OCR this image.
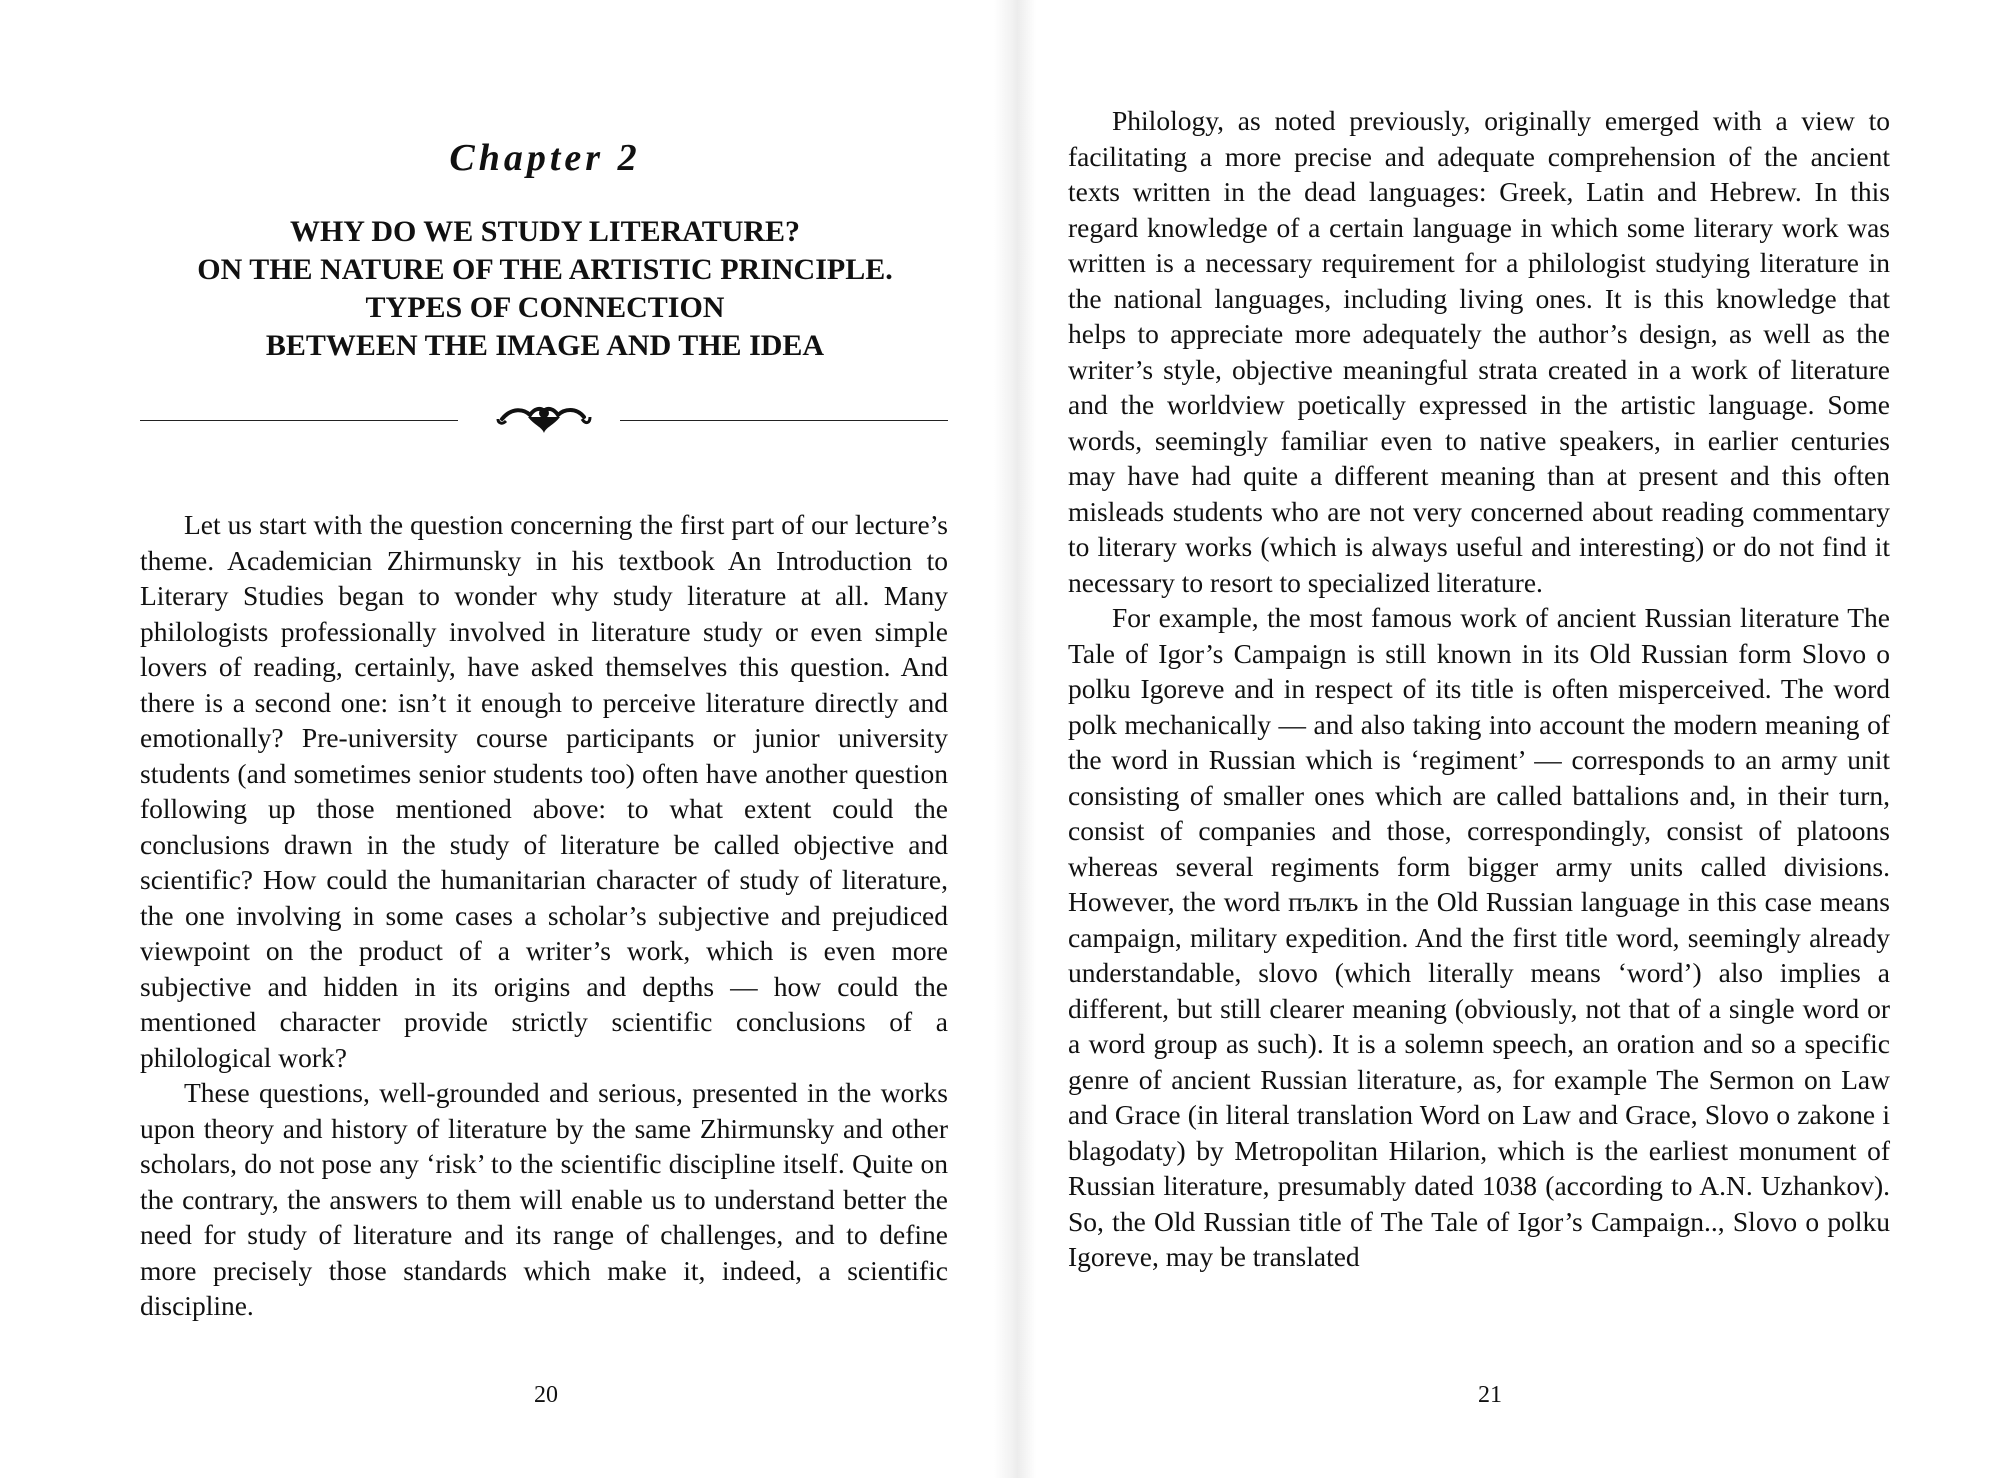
Chapter 2
WHY DO WE STUDY LITERATURE?
ON THE NATURE OF THE ARTISTIC PRINCIPLE.
TYPES OF CONNECTION
BETWEEN THE IMAGE AND THE IDEA

Let us start with the question concerning the first part of our lecture’s theme. Academician Zhirmunsky in his textbook An Introduction to Literary Studies began to wonder why study literature at all. Many philologists professionally involved in literature study or even simple lovers of reading, certainly, have asked themselves this question. And there is a second one: isn’t it enough to perceive literature directly and emotionally? Pre-university course participants or junior university students (and sometimes senior students too) often have another question following up those mentioned above: to what extent could the conclusions drawn in the study of literature be called objective and scientific? How could the humanitarian character of study of literature, the one involving in some cases a scholar’s subjective and prejudiced viewpoint on the product of a writer’s work, which is even more subjective and hidden in its origins and depths — how could the mentioned character provide strictly scientific conclusions of a philological work?

These questions, well-grounded and serious, presented in the works upon theory and history of literature by the same Zhirmunsky and other scholars, do not pose any ‘risk’ to the scientific discipline itself. Quite on the contrary, the answers to them will enable us to understand better the need for study of literature and its range of challenges, and to define more precisely those standards which make it, indeed, a scientific discipline.

Philology, as noted previously, originally emerged with a view to facilitating a more precise and adequate comprehension of the ancient texts written in the dead languages: Greek, Latin and Hebrew. In this regard knowledge of a certain language in which some literary work was written is a necessary requirement for a philologist studying literature in the national languages, including living ones. It is this knowledge that helps to appreciate more adequately the author’s design, as well as the writer’s style, objective meaningful strata created in a work of literature and the worldview poetically expressed in the artistic language. Some words, seemingly familiar even to native speakers, in earlier centuries may have had quite a different meaning than at present and this often misleads students who are not very concerned about reading commentary to literary works (which is always useful and interesting) or do not find it necessary to resort to specialized literature.

For example, the most famous work of ancient Russian literature The Tale of Igor’s Campaign is still known in its Old Russian form Slovo o polku Igoreve and in respect of its title is often misperceived. The word polk mechanically — and also taking into account the modern meaning of the word in Russian which is ‘regiment’ — corresponds to an army unit consisting of smaller ones which are called battalions and, in their turn, consist of companies and those, correspondingly, consist of platoons whereas several regiments form bigger army units called divisions. However, the word пълкъ in the Old Russian language in this case means campaign, military expedition. And the first title word, seemingly already understandable, slovo (which literally means ‘word’) also implies a different, but still clearer meaning (obviously, not that of a single word or a word group as such). It is a solemn speech, an oration and so a specific genre of ancient Russian literature, as, for example The Sermon on Law and Grace (in literal translation Word on Law and Grace, Slovo o zakone i blagodaty) by Metropolitan Hilarion, which is the earliest monument of Russian literature, presumably dated 1038 (according to A.N. Uzhankov). So, the Old Russian title of The Tale of Igor’s Campaign.., Slovo o polku Igoreve, may be translated

20	21
